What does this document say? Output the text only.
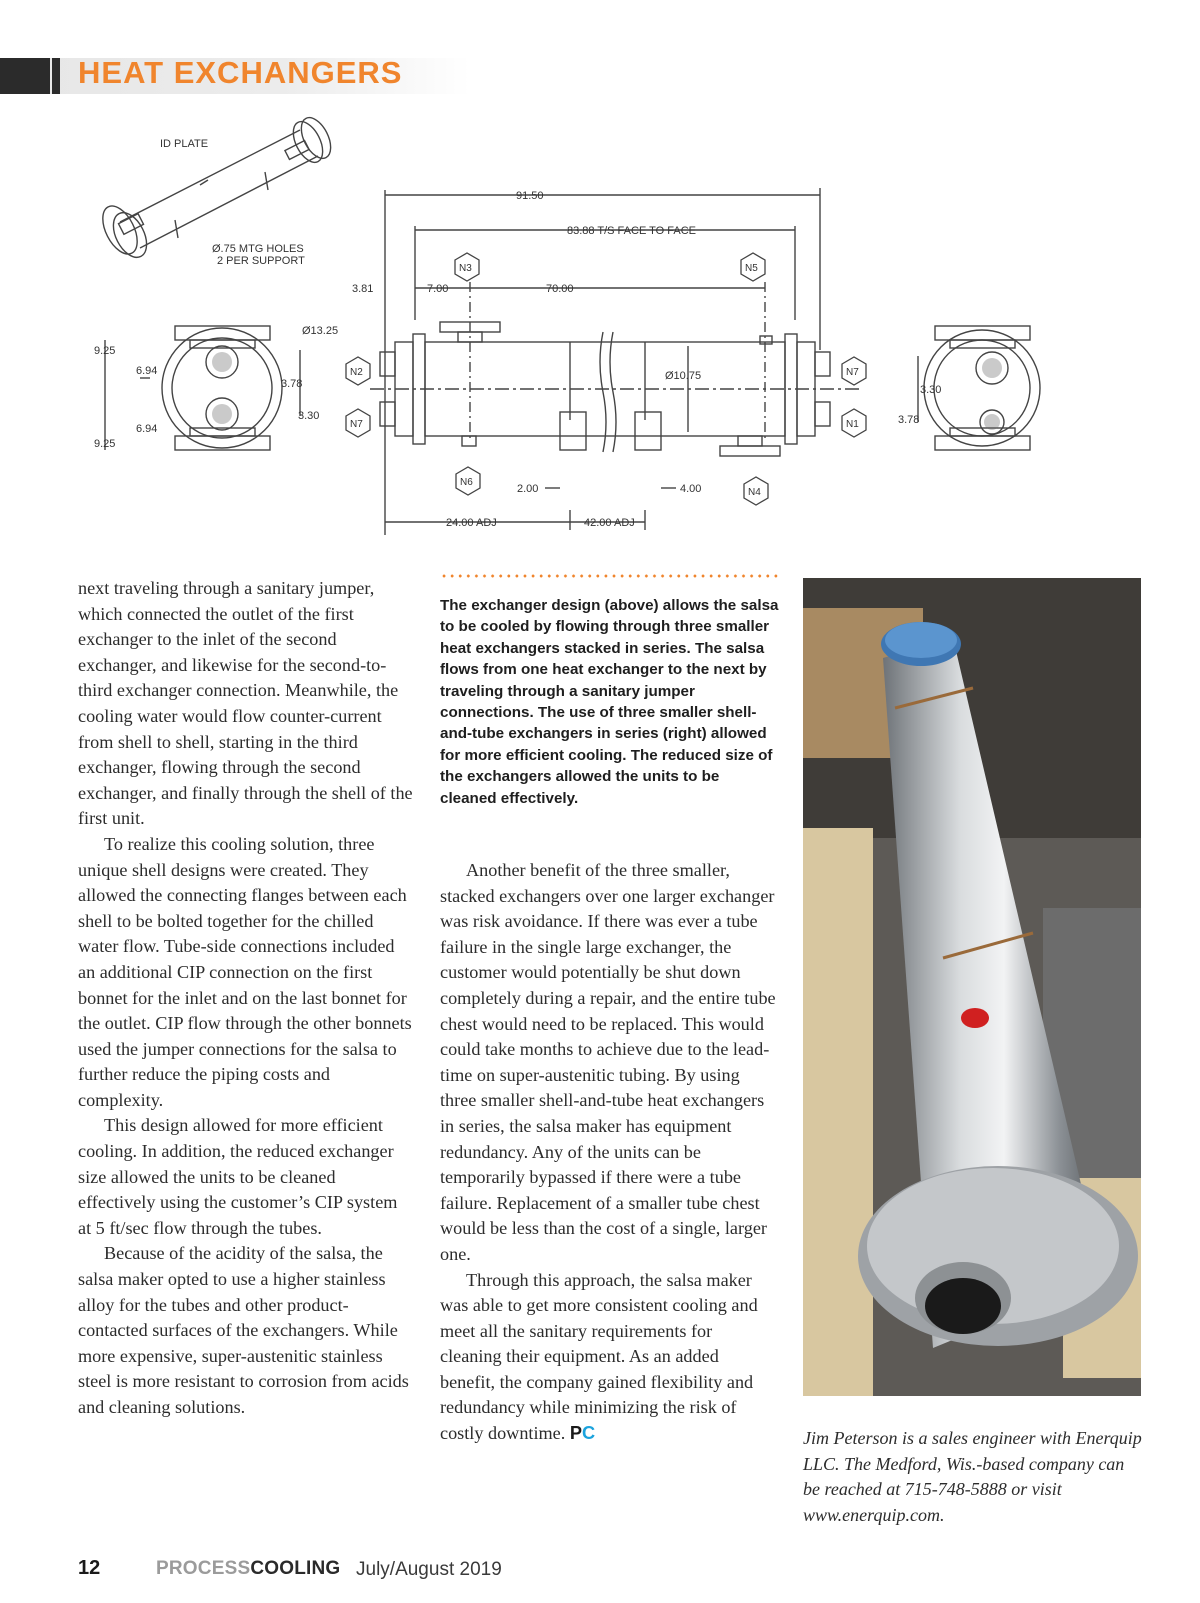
HEAT EXCHANGERS
ID PLATE
Ø.75 MTG HOLES
2 PER SUPPORT
91.50
83.88 T/S FACE TO FACE
3.81	7.00	70.00
Ø13.25
Ø10.75
9.25
9.25
6.94
6.94
3.78
3.30
3.30
3.78
2.00	4.00
24.00 ADJ	42.00 ADJ
N3	N5
N2
N7
N7
N1
N6
N4

next traveling through a sanitary jumper, which connected the outlet of the first exchanger to the inlet of the second exchanger, and likewise for the second-to-third exchanger connection. Meanwhile, the cooling water would flow counter-current from shell to shell, starting in the third exchanger, flowing through the second exchanger, and finally through the shell of the first unit.

To realize this cooling solution, three unique shell designs were created. They allowed the connecting flanges between each shell to be bolted together for the chilled water flow. Tube-side connections included an additional CIP connection on the first bonnet for the inlet and on the last bonnet for the outlet. CIP flow through the other bonnets used the jumper connections for the salsa to further reduce the piping costs and complexity.

This design allowed for more efficient cooling. In addition, the reduced exchanger size allowed the units to be cleaned effectively using the customer’s CIP system at 5 ft/sec flow through the tubes.

Because of the acidity of the salsa, the salsa maker opted to use a higher stainless alloy for the tubes and other product-contacted surfaces of the exchangers. While more expensive, super-austenitic stainless steel is more resistant to corrosion from acids and cleaning solutions.

The exchanger design (above) allows the salsa to be cooled by flowing through three smaller heat exchangers stacked in series. The salsa flows from one heat exchanger to the next by traveling through a sanitary jumper connections. The use of three smaller shell-and-tube exchangers in series (right) allowed for more efficient cooling. The reduced size of the exchangers allowed the units to be cleaned effectively.

Another benefit of the three smaller, stacked exchangers over one larger exchanger was risk avoidance. If there was ever a tube failure in the single large exchanger, the customer would potentially be shut down completely during a repair, and the entire tube chest would need to be replaced. This would could take months to achieve due to the lead-time on super-austenitic tubing. By using three smaller shell-and-tube heat exchangers in series, the salsa maker has equipment redundancy. Any of the units can be temporarily bypassed if there were a tube failure. Replacement of a smaller tube chest would be less than the cost of a single, larger one.

Through this approach, the salsa maker was able to get more consistent cooling and meet all the sanitary requirements for cleaning their equipment. As an added benefit, the company gained flexibility and redundancy while minimizing the risk of costly downtime. PC	Jim Peterson is a sales engineer with Enerquip LLC. The Medford, Wis.-based company can be reached at 715-748-5888 or visit www.enerquip.com.
12	PROCESSCOOLING July/August 2019
